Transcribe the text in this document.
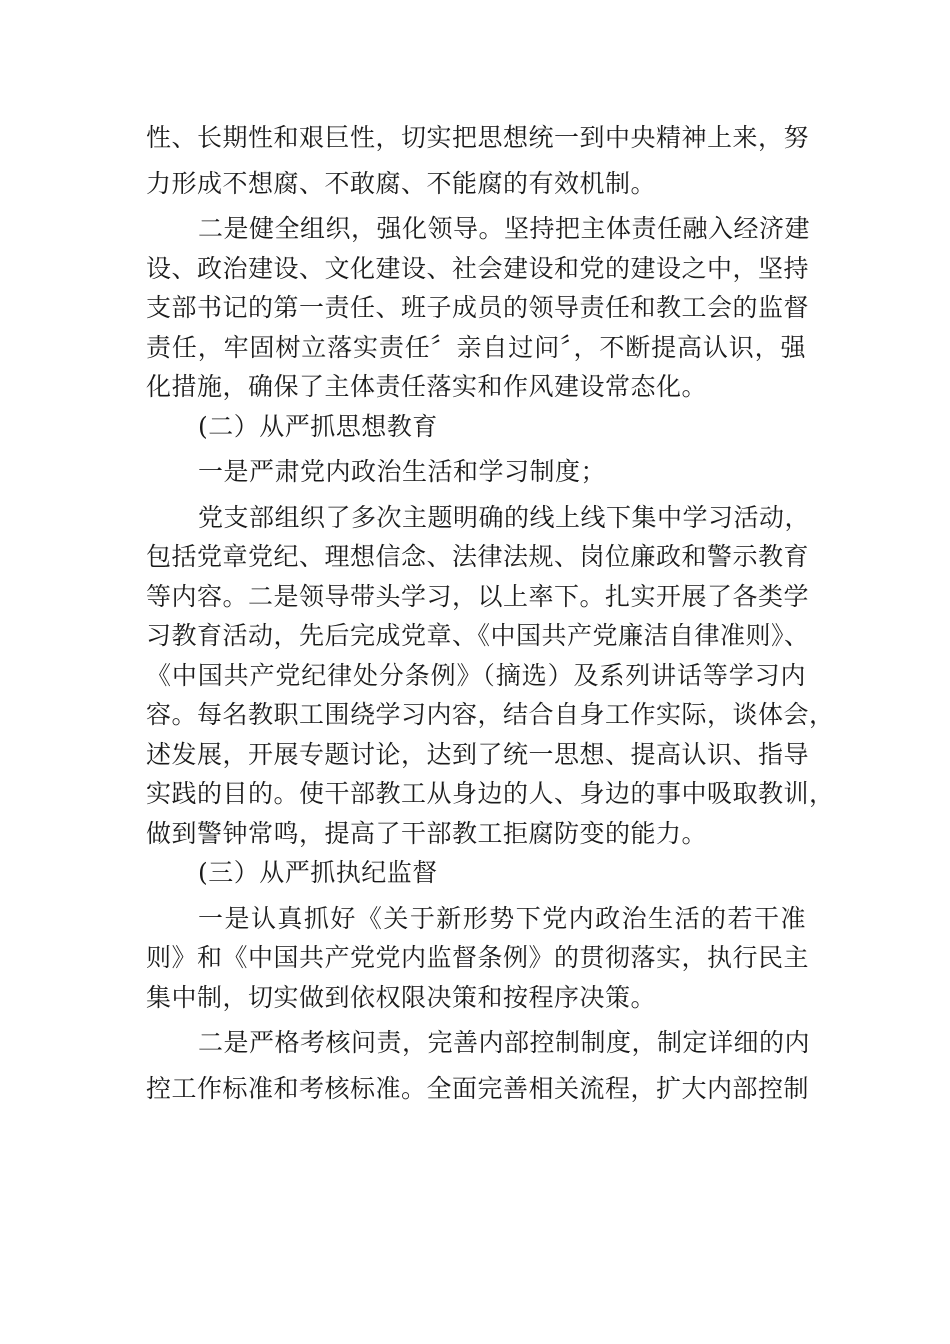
性、长期性和艰巨性，切实把思想统一到中央精神上来，努
力形成不想腐、不敢腐、不能腐的有效机制。
二是健全组织，强化领导。坚持把主体责任融入经济建
设、政治建设、文化建设、社会建设和党的建设之中，坚持
支部书记的第一责任、班子成员的领导责任和教工会的监督
责任，牢固树立落实责任〞亲自过问〞，不断提高认识，强
化措施，确保了主体责任落实和作风建设常态化。
(二）从严抓思想教育
一是严肃党内政治生活和学习制度；
党支部组织了多次主题明确的线上线下集中学习活动，
包括党章党纪、理想信念、法律法规、岗位廉政和警示教育
等内容。二是领导带头学习，以上率下。扎实开展了各类学
习教育活动，先后完成党章、《中国共产党廉洁自律准则》、
《中国共产党纪律处分条例》（摘选）及系列讲话等学习内
容。每名教职工围绕学习内容，结合自身工作实际，谈体会，
述发展，开展专题讨论，达到了统一思想、提高认识、指导
实践的目的。使干部教工从身边的人、身边的事中吸取教训，
做到警钟常鸣，提高了干部教工拒腐防变的能力。
(三）从严抓执纪监督
一是认真抓好《关于新形势下党内政治生活的若干准
则》和《中国共产党党内监督条例》的贯彻落实，执行民主
集中制，切实做到依权限决策和按程序决策。
二是严格考核问责，完善内部控制制度，制定详细的内
控工作标准和考核标准。全面完善相关流程，扩大内部控制
